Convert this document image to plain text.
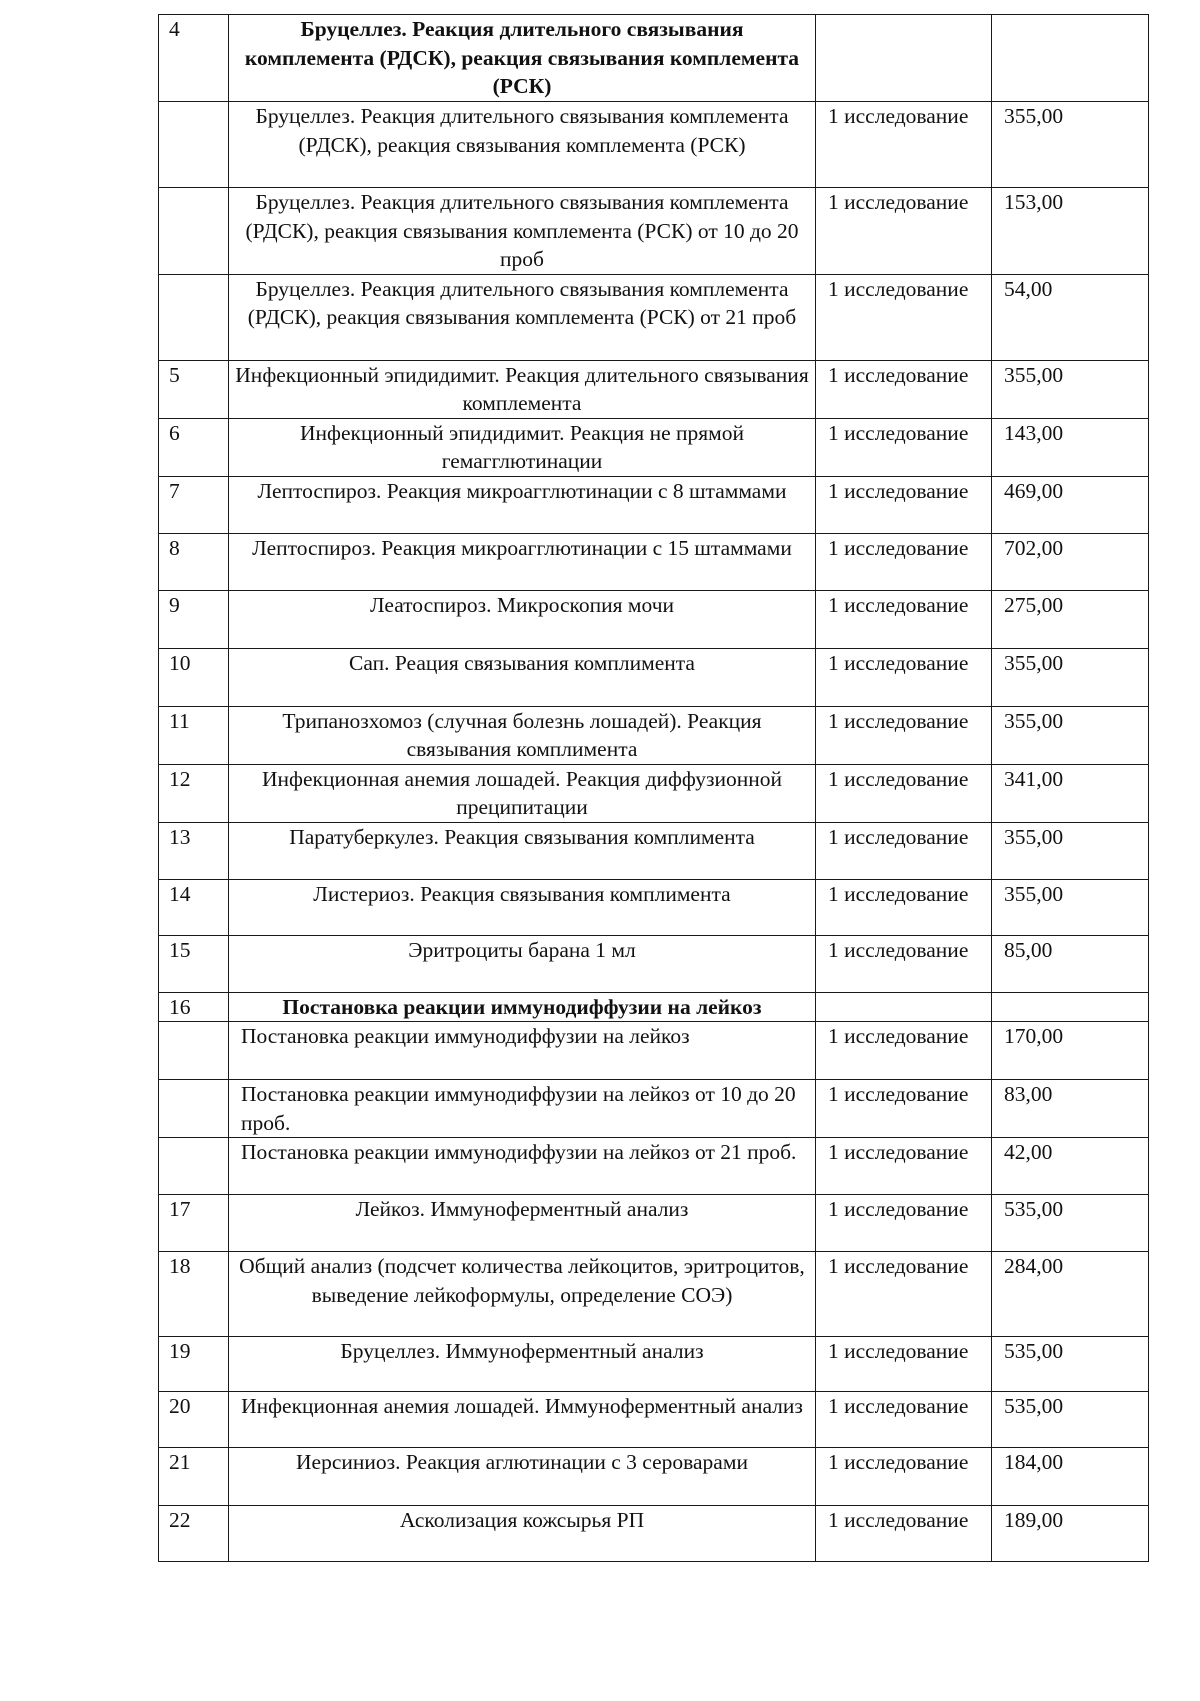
4	Бруцеллез. Реакция длительного связывания комплемента (РДСК), реакция связывания комплемента (РСК)		
	Бруцеллез. Реакция длительного связывания комплемента (РДСК), реакция связывания комплемента (РСК)	1 исследование	355,00
	Бруцеллез. Реакция длительного связывания комплемента (РДСК), реакция связывания комплемента (РСК) от 10 до 20 проб	1 исследование	153,00
	Бруцеллез. Реакция длительного связывания комплемента (РДСК), реакция связывания комплемента (РСК) от 21 проб	1 исследование	54,00
5	Инфекционный эпидидимит. Реакция длительного связывания комплемента	1 исследование	355,00
6	Инфекционный эпидидимит. Реакция не прямой гемагглютинации	1 исследование	143,00
7	Лептоспироз. Реакция микроагглютинации с 8 штаммами	1 исследование	469,00
8	Лептоспироз. Реакция микроагглютинации с 15 штаммами	1 исследование	702,00
9	Леатоспироз. Микроскопия мочи	1 исследование	275,00
10	Сап. Реация связывания комплимента	1 исследование	355,00
11	Трипанозхомоз (случная болезнь лошадей). Реакция связывания комплимента	1 исследование	355,00
12	Инфекционная анемия лошадей. Реакция диффузионной преципитации	1 исследование	341,00
13	Паратуберкулез. Реакция связывания комплимента	1 исследование	355,00
14	Листериоз. Реакция связывания комплимента	1 исследование	355,00
15	Эритроциты барана 1 мл	1 исследование	85,00
16	Постановка реакции иммунодиффузии на лейкоз		
	Постановка реакции иммунодиффузии на лейкоз	1 исследование	170,00
	Постановка реакции иммунодиффузии на лейкоз от 10 до 20 проб.	1 исследование	83,00
	Постановка реакции иммунодиффузии на лейкоз от 21 проб.	1 исследование	42,00
17	Лейкоз. Иммуноферментный анализ	1 исследование	535,00
18	Общий анализ (подсчет количества лейкоцитов, эритроцитов, выведение лейкоформулы, определение СОЭ)	1 исследование	284,00
19	Бруцеллез. Иммуноферментный анализ	1 исследование	535,00
20	Инфекционная анемия лошадей. Иммуноферментный анализ	1 исследование	535,00
21	Иерсиниоз. Реакция аглютинации с 3 сероварами	1 исследование	184,00
22	Асколизация кожсырья РП	1 исследование	189,00
